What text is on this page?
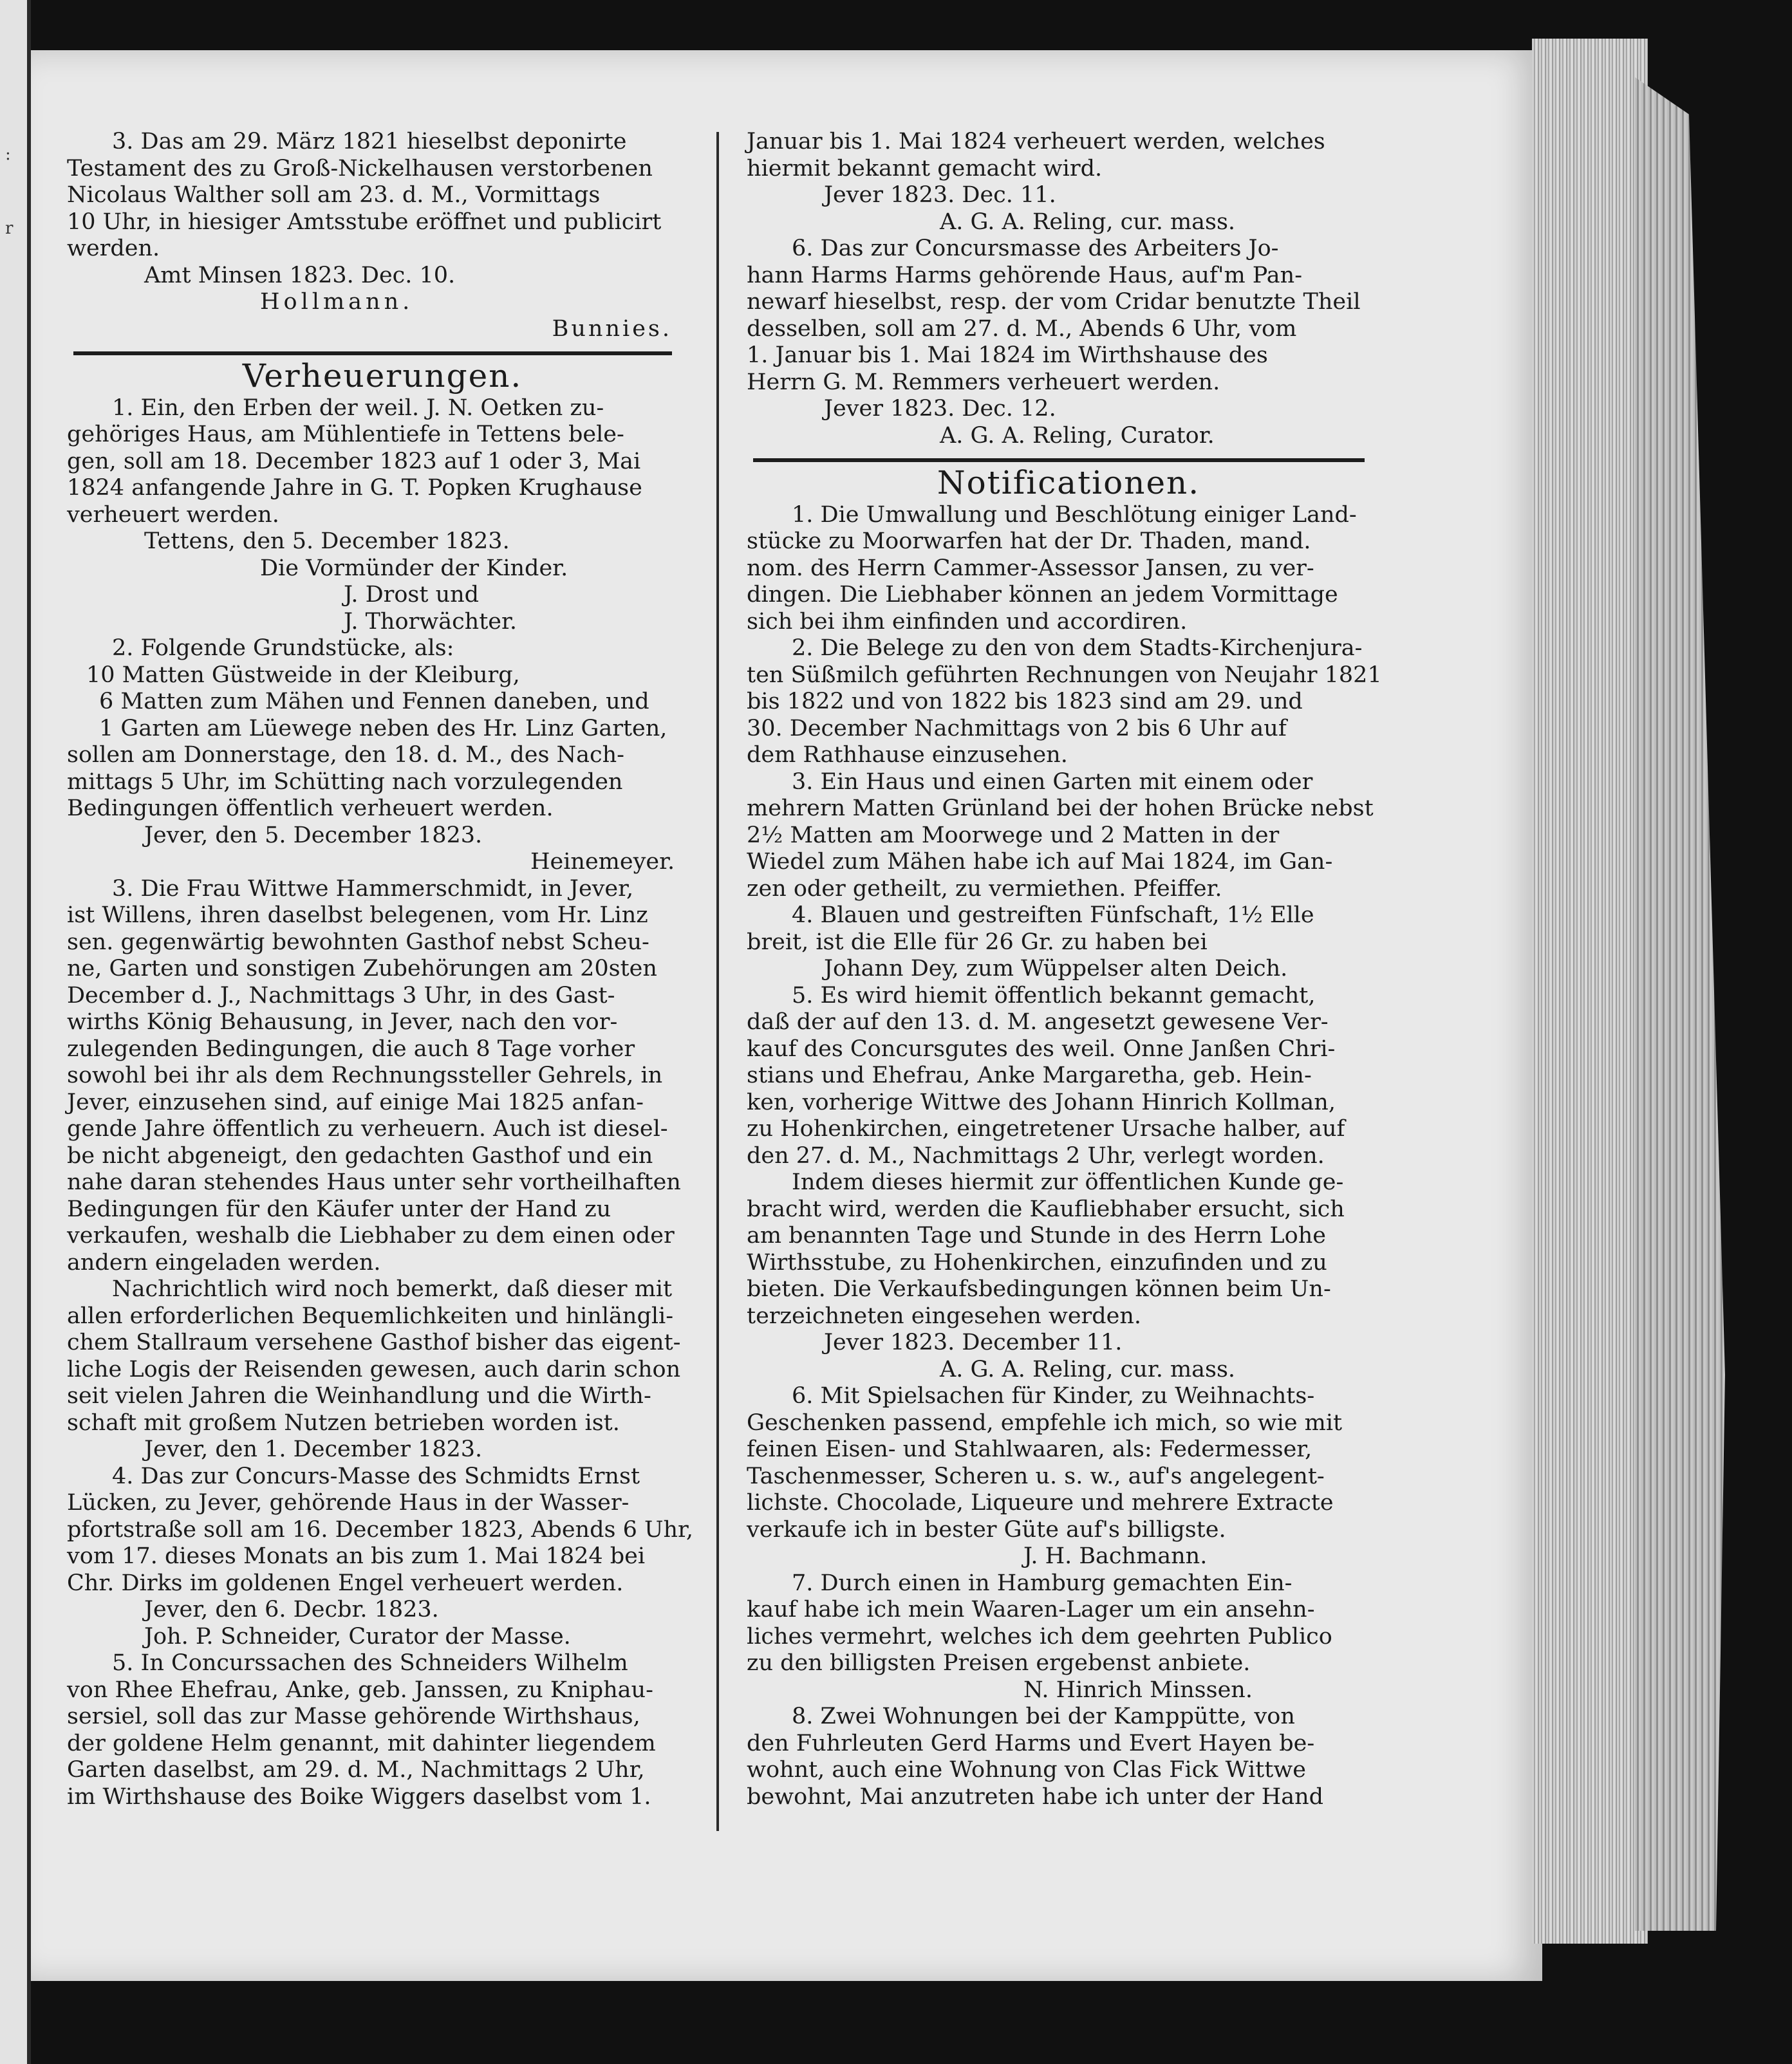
:
r
3. Das am 29. März 1821 hieselbst deponirte
Testament des zu Groß-Nickelhausen verstorbenen
Nicolaus Walther soll am 23. d. M., Vormittags
10 Uhr, in hiesiger Amtsstube eröffnet und publicirt
werden.
Amt Minsen 1823. Dec. 10.
Hollmann.
Bunnies.
Verheuerungen.
1. Ein, den Erben der weil. J. N. Oetken zu-
gehöriges Haus, am Mühlentiefe in Tettens bele-
gen, soll am 18. December 1823 auf 1 oder 3, Mai
1824 anfangende Jahre in G. T. Popken Krughause
verheuert werden.
Tettens, den 5. December 1823.
Die Vormünder der Kinder.
J. Drost und
J. Thorwächter.
2. Folgende Grundstücke, als:
10 Matten Güstweide in der Kleiburg,
6 Matten zum Mähen und Fennen daneben, und
1 Garten am Lüewege neben des Hr. Linz Garten,
sollen am Donnerstage, den 18. d. M., des Nach-
mittags 5 Uhr, im Schütting nach vorzulegenden
Bedingungen öffentlich verheuert werden.
Jever, den 5. December 1823.
Heinemeyer.
3. Die Frau Wittwe Hammerschmidt, in Jever,
ist Willens, ihren daselbst belegenen, vom Hr. Linz
sen. gegenwärtig bewohnten Gasthof nebst Scheu-
ne, Garten und sonstigen Zubehörungen am 20sten
December d. J., Nachmittags 3 Uhr, in des Gast-
wirths König Behausung, in Jever, nach den vor-
zulegenden Bedingungen, die auch 8 Tage vorher
sowohl bei ihr als dem Rechnungssteller Gehrels, in
Jever, einzusehen sind, auf einige Mai 1825 anfan-
gende Jahre öffentlich zu verheuern. Auch ist diesel-
be nicht abgeneigt, den gedachten Gasthof und ein
nahe daran stehendes Haus unter sehr vortheilhaften
Bedingungen für den Käufer unter der Hand zu
verkaufen, weshalb die Liebhaber zu dem einen oder
andern eingeladen werden.
Nachrichtlich wird noch bemerkt, daß dieser mit
allen erforderlichen Bequemlichkeiten und hinlängli-
chem Stallraum versehene Gasthof bisher das eigent-
liche Logis der Reisenden gewesen, auch darin schon
seit vielen Jahren die Weinhandlung und die Wirth-
schaft mit großem Nutzen betrieben worden ist.
Jever, den 1. December 1823.
4. Das zur Concurs-Masse des Schmidts Ernst
Lücken, zu Jever, gehörende Haus in der Wasser-
pfortstraße soll am 16. December 1823, Abends 6 Uhr,
vom 17. dieses Monats an bis zum 1. Mai 1824 bei
Chr. Dirks im goldenen Engel verheuert werden.
Jever, den 6. Decbr. 1823.
Joh. P. Schneider, Curator der Masse.
5. In Concurssachen des Schneiders Wilhelm
von Rhee Ehefrau, Anke, geb. Janssen, zu Kniphau-
sersiel, soll das zur Masse gehörende Wirthshaus,
der goldene Helm genannt, mit dahinter liegendem
Garten daselbst, am 29. d. M., Nachmittags 2 Uhr,
im Wirthshause des Boike Wiggers daselbst vom 1.
Januar bis 1. Mai 1824 verheuert werden, welches
hiermit bekannt gemacht wird.
Jever 1823. Dec. 11.
A. G. A. Reling, cur. mass.
6. Das zur Concursmasse des Arbeiters Jo-
hann Harms Harms gehörende Haus, auf'm Pan-
newarf hieselbst, resp. der vom Cridar benutzte Theil
desselben, soll am 27. d. M., Abends 6 Uhr, vom
1. Januar bis 1. Mai 1824 im Wirthshause des
Herrn G. M. Remmers verheuert werden.
Jever 1823. Dec. 12.
A. G. A. Reling, Curator.
Notificationen.
1. Die Umwallung und Beschlötung einiger Land-
stücke zu Moorwarfen hat der Dr. Thaden, mand.
nom. des Herrn Cammer-Assessor Jansen, zu ver-
dingen. Die Liebhaber können an jedem Vormittage
sich bei ihm einfinden und accordiren.
2. Die Belege zu den von dem Stadts-Kirchenjura-
ten Süßmilch geführten Rechnungen von Neujahr 1821
bis 1822 und von 1822 bis 1823 sind am 29. und
30. December Nachmittags von 2 bis 6 Uhr auf
dem Rathhause einzusehen.
3. Ein Haus und einen Garten mit einem oder
mehrern Matten Grünland bei der hohen Brücke nebst
2½ Matten am Moorwege und 2 Matten in der
Wiedel zum Mähen habe ich auf Mai 1824, im Gan-
zen oder getheilt, zu vermiethen. Pfeiffer.
4. Blauen und gestreiften Fünfschaft, 1½ Elle
breit, ist die Elle für 26 Gr. zu haben bei
Johann Dey, zum Wüppelser alten Deich.
5. Es wird hiemit öffentlich bekannt gemacht,
daß der auf den 13. d. M. angesetzt gewesene Ver-
kauf des Concursgutes des weil. Onne Janßen Chri-
stians und Ehefrau, Anke Margaretha, geb. Hein-
ken, vorherige Wittwe des Johann Hinrich Kollman,
zu Hohenkirchen, eingetretener Ursache halber, auf
den 27. d. M., Nachmittags 2 Uhr, verlegt worden.
Indem dieses hiermit zur öffentlichen Kunde ge-
bracht wird, werden die Kaufliebhaber ersucht, sich
am benannten Tage und Stunde in des Herrn Lohe
Wirthsstube, zu Hohenkirchen, einzufinden und zu
bieten. Die Verkaufsbedingungen können beim Un-
terzeichneten eingesehen werden.
Jever 1823. December 11.
A. G. A. Reling, cur. mass.
6. Mit Spielsachen für Kinder, zu Weihnachts-
Geschenken passend, empfehle ich mich, so wie mit
feinen Eisen- und Stahlwaaren, als: Federmesser,
Taschenmesser, Scheren u. s. w., auf's angelegent-
lichste. Chocolade, Liqueure und mehrere Extracte
verkaufe ich in bester Güte auf's billigste.
J. H. Bachmann.
7. Durch einen in Hamburg gemachten Ein-
kauf habe ich mein Waaren-Lager um ein ansehn-
liches vermehrt, welches ich dem geehrten Publico
zu den billigsten Preisen ergebenst anbiete.
N. Hinrich Minssen.
8. Zwei Wohnungen bei der Kamppütte, von
den Fuhrleuten Gerd Harms und Evert Hayen be-
wohnt, auch eine Wohnung von Clas Fick Wittwe
bewohnt, Mai anzutreten habe ich unter der Hand
